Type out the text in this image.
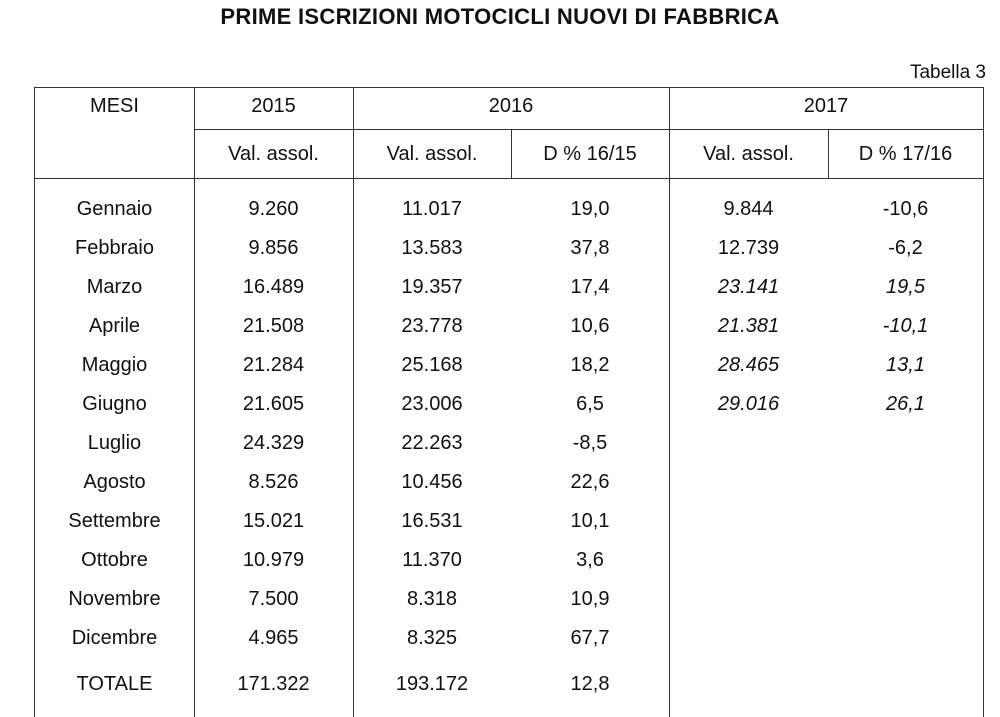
PRIME ISCRIZIONI MOTOCICLI NUOVI DI FABBRICA
Tabella 3
MESI	2015	2016	2017
Val. assol.	Val. assol.	D % 16/15	Val. assol.	D % 17/16
Gennaio	9.260	11.017	19,0	9.844	-10,6
Febbraio	9.856	13.583	37,8	12.739	-6,2
Marzo	16.489	19.357	17,4	23.141	19,5
Aprile	21.508	23.778	10,6	21.381	-10,1
Maggio	21.284	25.168	18,2	28.465	13,1
Giugno	21.605	23.006	6,5	29.016	26,1
Luglio	24.329	22.263	-8,5
Agosto	8.526	10.456	22,6
Settembre	15.021	16.531	10,1
Ottobre	10.979	11.370	3,6
Novembre	7.500	8.318	10,9
Dicembre	4.965	8.325	67,7
TOTALE	171.322	193.172	12,8
